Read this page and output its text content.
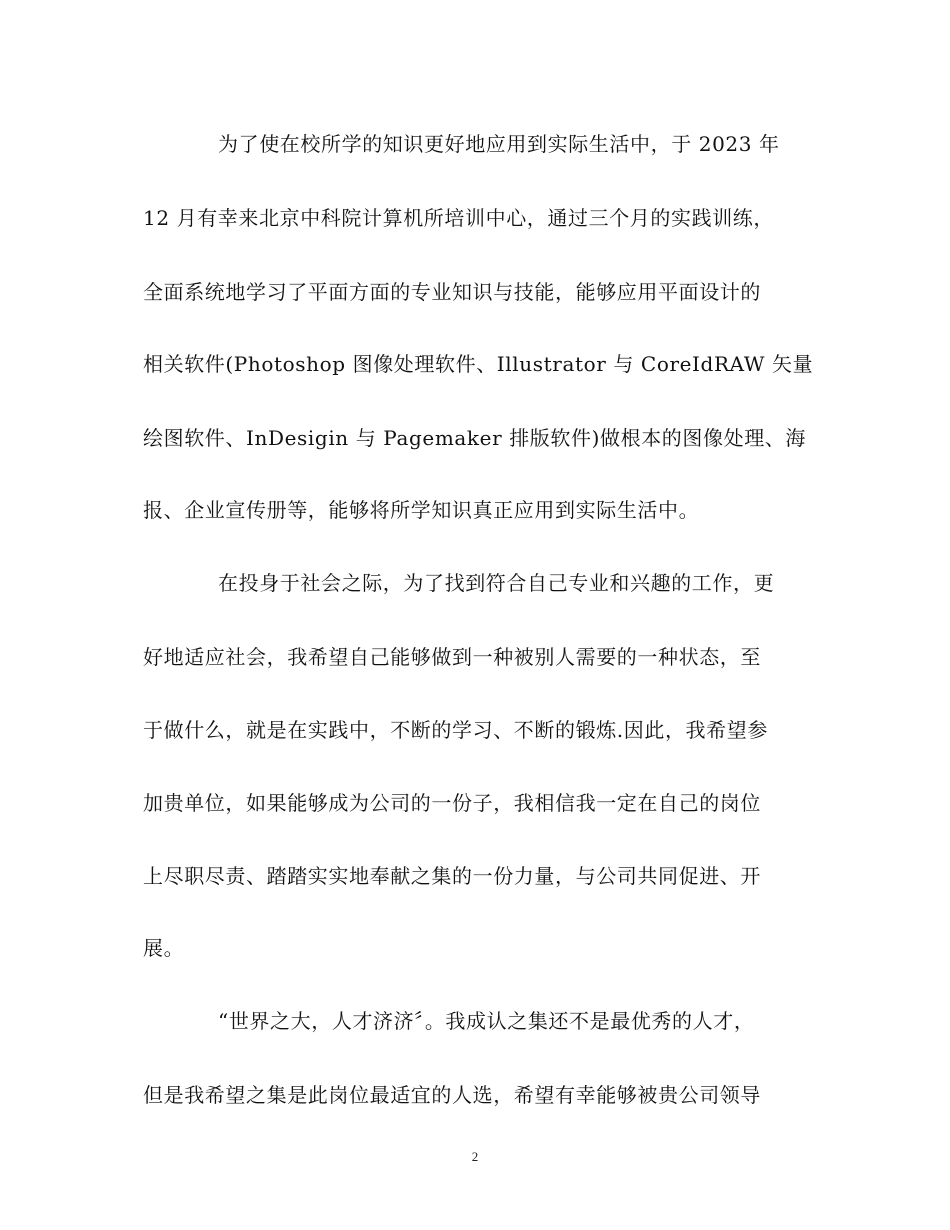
为了使在校所学的知识更好地应用到实际生活中，于 2023 年
12 月有幸来北京中科院计算机所培训中心，通过三个月的实践训练，
全面系统地学习了平面方面的专业知识与技能，能够应用平面设计的
相关软件(Photoshop 图像处理软件、Illustrator 与 CoreIdRAW 矢量
绘图软件、InDesigin 与 Pagemaker 排版软件)做根本的图像处理、海
报、企业宣传册等，能够将所学知识真正应用到实际生活中。
在投身于社会之际，为了找到符合自己专业和兴趣的工作，更
好地适应社会，我希望自己能够做到一种被别人需要的一种状态，至
于做什么，就是在实践中，不断的学习、不断的锻炼.因此，我希望参
加贵单位，如果能够成为公司的一份子，我相信我一定在自己的岗位
上尽职尽责、踏踏实实地奉献之集的一份力量，与公司共同促进、开
展。
“世界之大，人才济济〞。我成认之集还不是最优秀的人才，
但是我希望之集是此岗位最适宜的人选，希望有幸能够被贵公司领导
2
